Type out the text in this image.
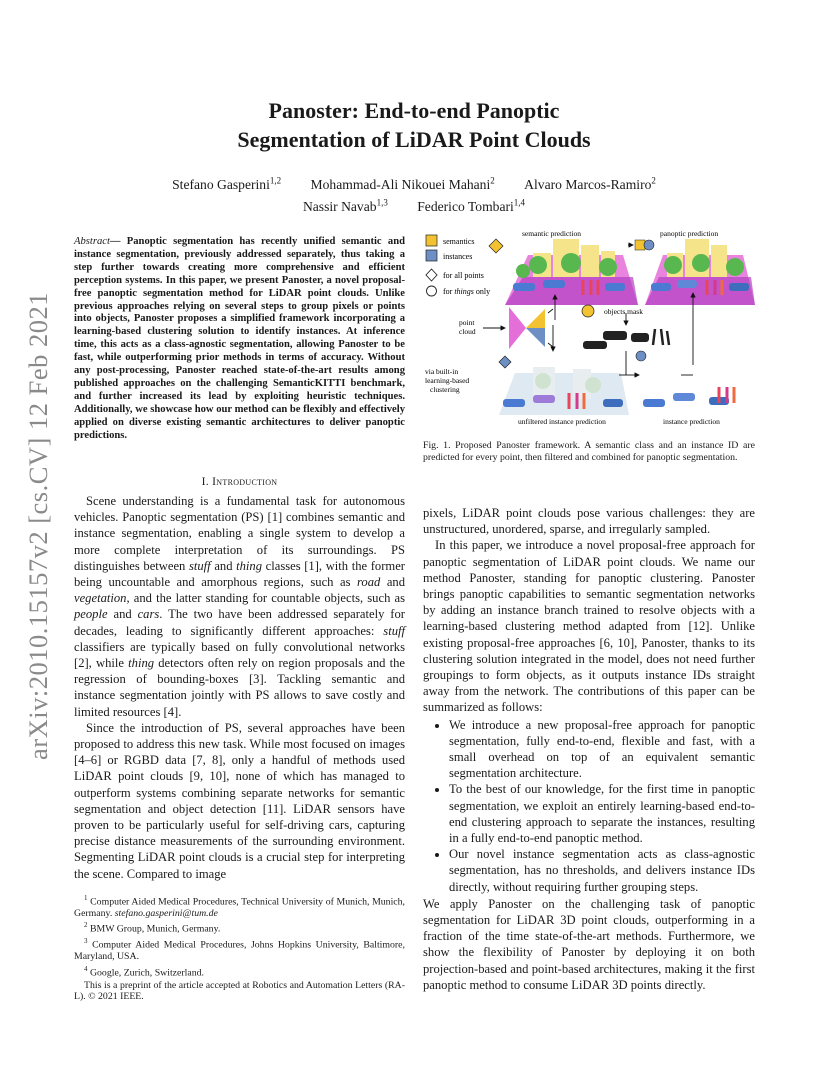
arXiv:2010.15157v2 [cs.CV] 12 Feb 2021
Panoster: End-to-end Panoptic
Segmentation of LiDAR Point Clouds
Stefano Gasperini$^{1,2}$ Mohammad-Ali Nikouei Mahani$^2$ Alvaro Marcos-Ramiro$^2$
Nassir Navab$^{1,3}$ Federico Tombari$^{1,4}$
Abstract— Panoptic segmentation has recently unified semantic and instance segmentation, previously addressed separately, thus taking a step further towards creating more comprehensive and efficient perception systems. In this paper, we present Panoster, a novel proposal-free panoptic segmentation method for LiDAR point clouds. Unlike previous approaches relying on several steps to group pixels or points into objects, Panoster proposes a simplified framework incorporating a learning-based clustering solution to identify instances. At inference time, this acts as a class-agnostic segmentation, allowing Panoster to be fast, while outperforming prior methods in terms of accuracy. Without any post-processing, Panoster reached state-of-the-art results among published approaches on the challenging SemanticKITTI benchmark, and further increased its lead by exploiting heuristic techniques. Additionally, we showcase how our method can be flexibly and effectively applied on diverse existing semantic architectures to deliver panoptic predictions.
I. Introduction

Scene understanding is a fundamental task for autonomous vehicles. Panoptic segmentation (PS) [1] combines semantic and instance segmentation, enabling a single system to develop a more complete interpretation of its surroundings. PS distinguishes between stuff and thing classes [1], with the former being uncountable and amorphous regions, such as road and vegetation, and the latter standing for countable objects, such as people and cars. The two have been addressed separately for decades, leading to significantly different approaches: stuff classifiers are typically based on fully convolutional networks [2], while thing detectors often rely on region proposals and the regression of bounding-boxes [3]. Tackling semantic and instance segmentation jointly with PS allows to save costly and limited resources [4].

Since the introduction of PS, several approaches have been proposed to address this new task. While most focused on images [4–6] or RGBD data [7, 8], only a handful of methods used LiDAR point clouds [9, 10], none of which has managed to outperform systems combining separate networks for semantic segmentation and object detection [11]. LiDAR sensors have proven to be particularly useful for self-driving cars, capturing precise distance measurements of the surrounding environment. Segmenting LiDAR point clouds is a crucial step for interpreting the scene. Compared to image

$^1$ Computer Aided Medical Procedures, Technical University of Munich, Munich, Germany. stefano.gasperini@tum.de

$^2$ BMW Group, Munich, Germany.

$^3$ Computer Aided Medical Procedures, Johns Hopkins University, Baltimore, Maryland, USA.

$^4$ Google, Zurich, Switzerland.

This is a preprint of the article accepted at Robotics and Automation Letters (RA-L). © 2021 IEEE.

semantics
instances
for all points
for things only
semantic prediction	panoptic prediction
point
cloud
objects mask
via built-in
learning-based
clustering
unfiltered instance prediction	instance prediction
Fig. 1. Proposed Panoster framework. A semantic class and an instance ID are predicted for every point, then filtered and combined for panoptic segmentation.

pixels, LiDAR point clouds pose various challenges: they are unstructured, unordered, sparse, and irregularly sampled.

In this paper, we introduce a novel proposal-free approach for panoptic segmentation of LiDAR point clouds. We name our method Panoster, standing for panoptic clustering. Panoster brings panoptic capabilities to semantic segmentation networks by adding an instance branch trained to resolve objects with a learning-based clustering method adapted from [12]. Unlike existing proposal-free approaches [6, 10], Panoster, thanks to its clustering solution integrated in the model, does not need further groupings to form objects, as it outputs instance IDs straight away from the network. The contributions of this paper can be summarized as follows:

• We introduce a new proposal-free approach for panoptic segmentation, fully end-to-end, flexible and fast, with a small overhead on top of an equivalent semantic segmentation architecture.
• To the best of our knowledge, for the first time in panoptic segmentation, we exploit an entirely learning-based end-to-end clustering approach to separate the instances, resulting in a fully end-to-end panoptic method.
• Our novel instance segmentation acts as class-agnostic segmentation, has no thresholds, and delivers instance IDs directly, without requiring further grouping steps.

We apply Panoster on the challenging task of panoptic segmentation for LiDAR 3D point clouds, outperforming in a fraction of the time state-of-the-art methods. Furthermore, we show the flexibility of Panoster by deploying it on both projection-based and point-based architectures, making it the first panoptic method to consume LiDAR 3D points directly.
